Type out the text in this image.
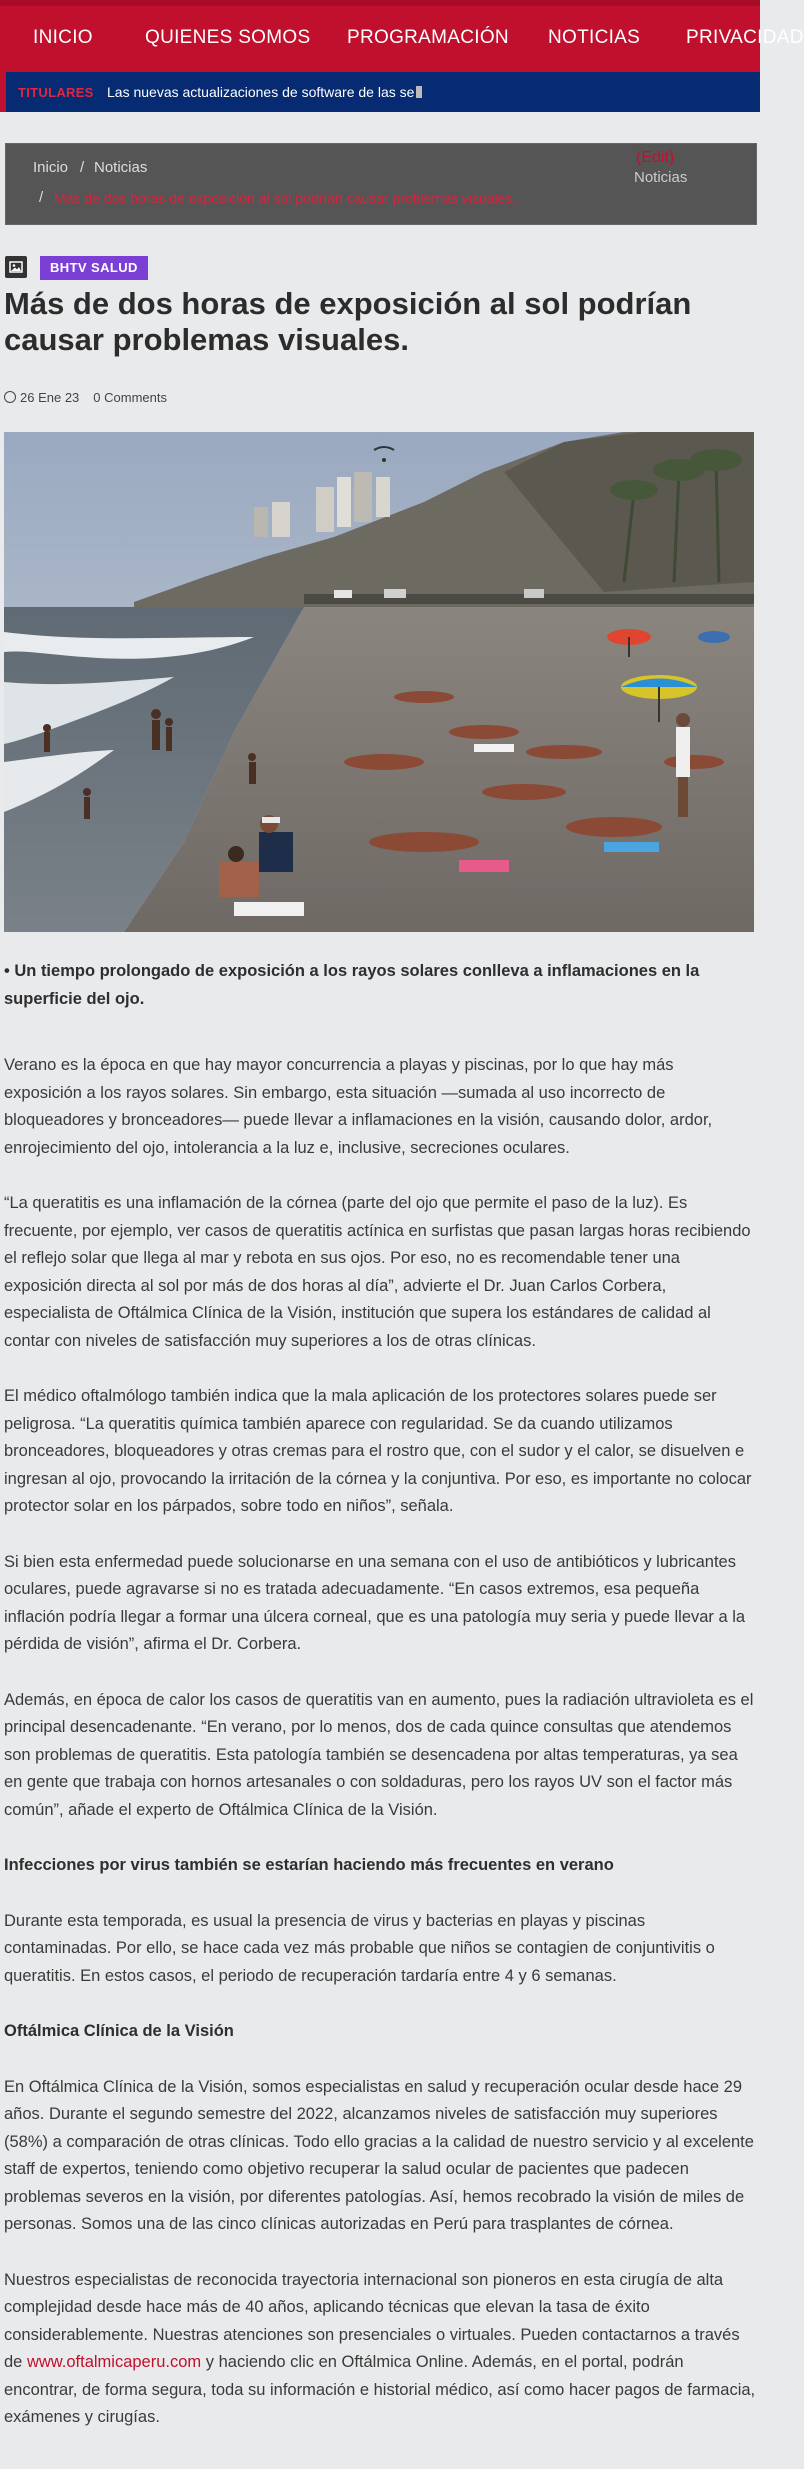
INICIO	QUIENES SOMOS PROGRAMACIÓN NOTICIAS PRIVACIDAD
TITULARES Las nuevas actualizaciones de software de las se
Inicio / Noticias
/ Más de dos horas de exposición al sol podrían causar problemas visuales.
(Edit)
Noticias
BHTV SALUD
Más de dos horas de exposición al sol podrían causar problemas visuales.
26 Ene 23 0 Comments

• Un tiempo prolongado de exposición a los rayos solares conlleva a inflamaciones en la superficie del ojo.

Verano es la época en que hay mayor concurrencia a playas y piscinas, por lo que hay más exposición a los rayos solares. Sin embargo, esta situación —sumada al uso incorrecto de bloqueadores y bronceadores— puede llevar a inflamaciones en la visión, causando dolor, ardor, enrojecimiento del ojo, intolerancia a la luz e, inclusive, secreciones oculares.

“La queratitis es una inflamación de la córnea (parte del ojo que permite el paso de la luz). Es frecuente, por ejemplo, ver casos de queratitis actínica en surfistas que pasan largas horas recibiendo el reflejo solar que llega al mar y rebota en sus ojos. Por eso, no es recomendable tener una exposición directa al sol por más de dos horas al día”, advierte el Dr. Juan Carlos Corbera, especialista de Oftálmica Clínica de la Visión, institución que supera los estándares de calidad al contar con niveles de satisfacción muy superiores a los de otras clínicas.

El médico oftalmólogo también indica que la mala aplicación de los protectores solares puede ser peligrosa. “La queratitis química también aparece con regularidad. Se da cuando utilizamos bronceadores, bloqueadores y otras cremas para el rostro que, con el sudor y el calor, se disuelven e ingresan al ojo, provocando la irritación de la córnea y la conjuntiva. Por eso, es importante no colocar protector solar en los párpados, sobre todo en niños”, señala.

Si bien esta enfermedad puede solucionarse en una semana con el uso de antibióticos y lubricantes oculares, puede agravarse si no es tratada adecuadamente. “En casos extremos, esa pequeña inflación podría llegar a formar una úlcera corneal, que es una patología muy seria y puede llevar a la pérdida de visión”, afirma el Dr. Corbera.

Además, en época de calor los casos de queratitis van en aumento, pues la radiación ultravioleta es el principal desencadenante. “En verano, por lo menos, dos de cada quince consultas que atendemos son problemas de queratitis. Esta patología también se desencadena por altas temperaturas, ya sea en gente que trabaja con hornos artesanales o con soldaduras, pero los rayos UV son el factor más común”, añade el experto de Oftálmica Clínica de la Visión.

Infecciones por virus también se estarían haciendo más frecuentes en verano

Durante esta temporada, es usual la presencia de virus y bacterias en playas y piscinas contaminadas. Por ello, se hace cada vez más probable que niños se contagien de conjuntivitis o queratitis. En estos casos, el periodo de recuperación tardaría entre 4 y 6 semanas.

Oftálmica Clínica de la Visión

En Oftálmica Clínica de la Visión, somos especialistas en salud y recuperación ocular desde hace 29 años. Durante el segundo semestre del 2022, alcanzamos niveles de satisfacción muy superiores (58%) a comparación de otras clínicas. Todo ello gracias a la calidad de nuestro servicio y al excelente staff de expertos, teniendo como objetivo recuperar la salud ocular de pacientes que padecen problemas severos en la visión, por diferentes patologías. Así, hemos recobrado la visión de miles de personas. Somos una de las cinco clínicas autorizadas en Perú para trasplantes de córnea.

Nuestros especialistas de reconocida trayectoria internacional son pioneros en esta cirugía de alta complejidad desde hace más de 40 años, aplicando técnicas que elevan la tasa de éxito considerablemente. Nuestras atenciones son presenciales o virtuales. Pueden contactarnos a través de www.oftalmicaperu.com y haciendo clic en Oftálmica Online. Además, en el portal, podrán encontrar, de forma segura, toda su información e historial médico, así como hacer pagos de farmacia, exámenes y cirugías.
